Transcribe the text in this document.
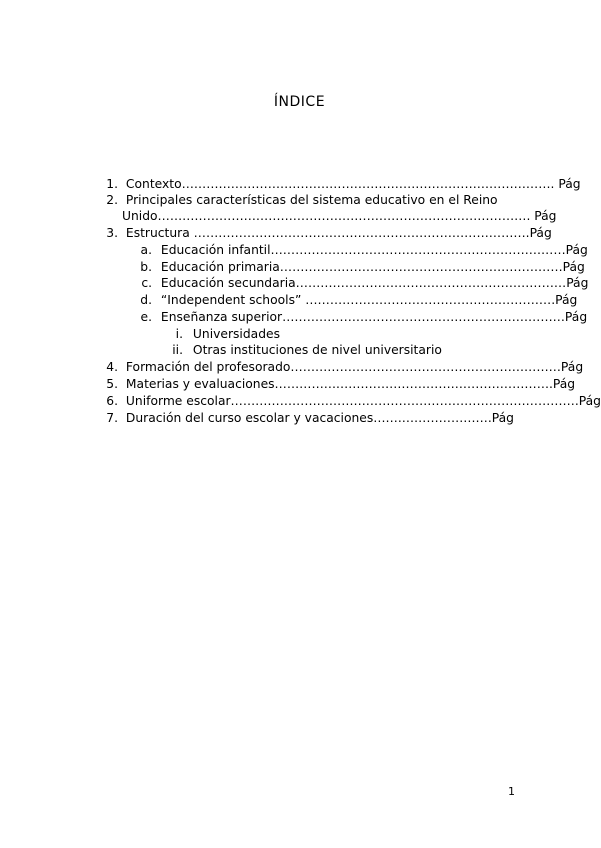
ÍNDICE
1. Contexto………………………………………………………………………………. Pág
2. Principales características del sistema educativo en el Reino
Unido………………………………………………………………………………. Pág
3. Estructura ……………………………………………………………………….Pág
a. Educación infantil………………………………………………………………Pág
b. Educación primaria……………………………………………………………Pág
c. Educación secundaria…………………………………………………………Pág
d. “Independent schools” …………………………………………………….Pág
e. Enseñanza superior……………………………………………………………Pág
i. Universidades
ii. Otras instituciones de nivel universitario
4. Formación del profesorado…………………………………………………………Pág
5. Materias y evaluaciones…………….…………………………………………….Pág
6. Uniforme escolar………………………………………………………………………….Pág
7. Duración del curso escolar y vacaciones…….………………….Pág
1
